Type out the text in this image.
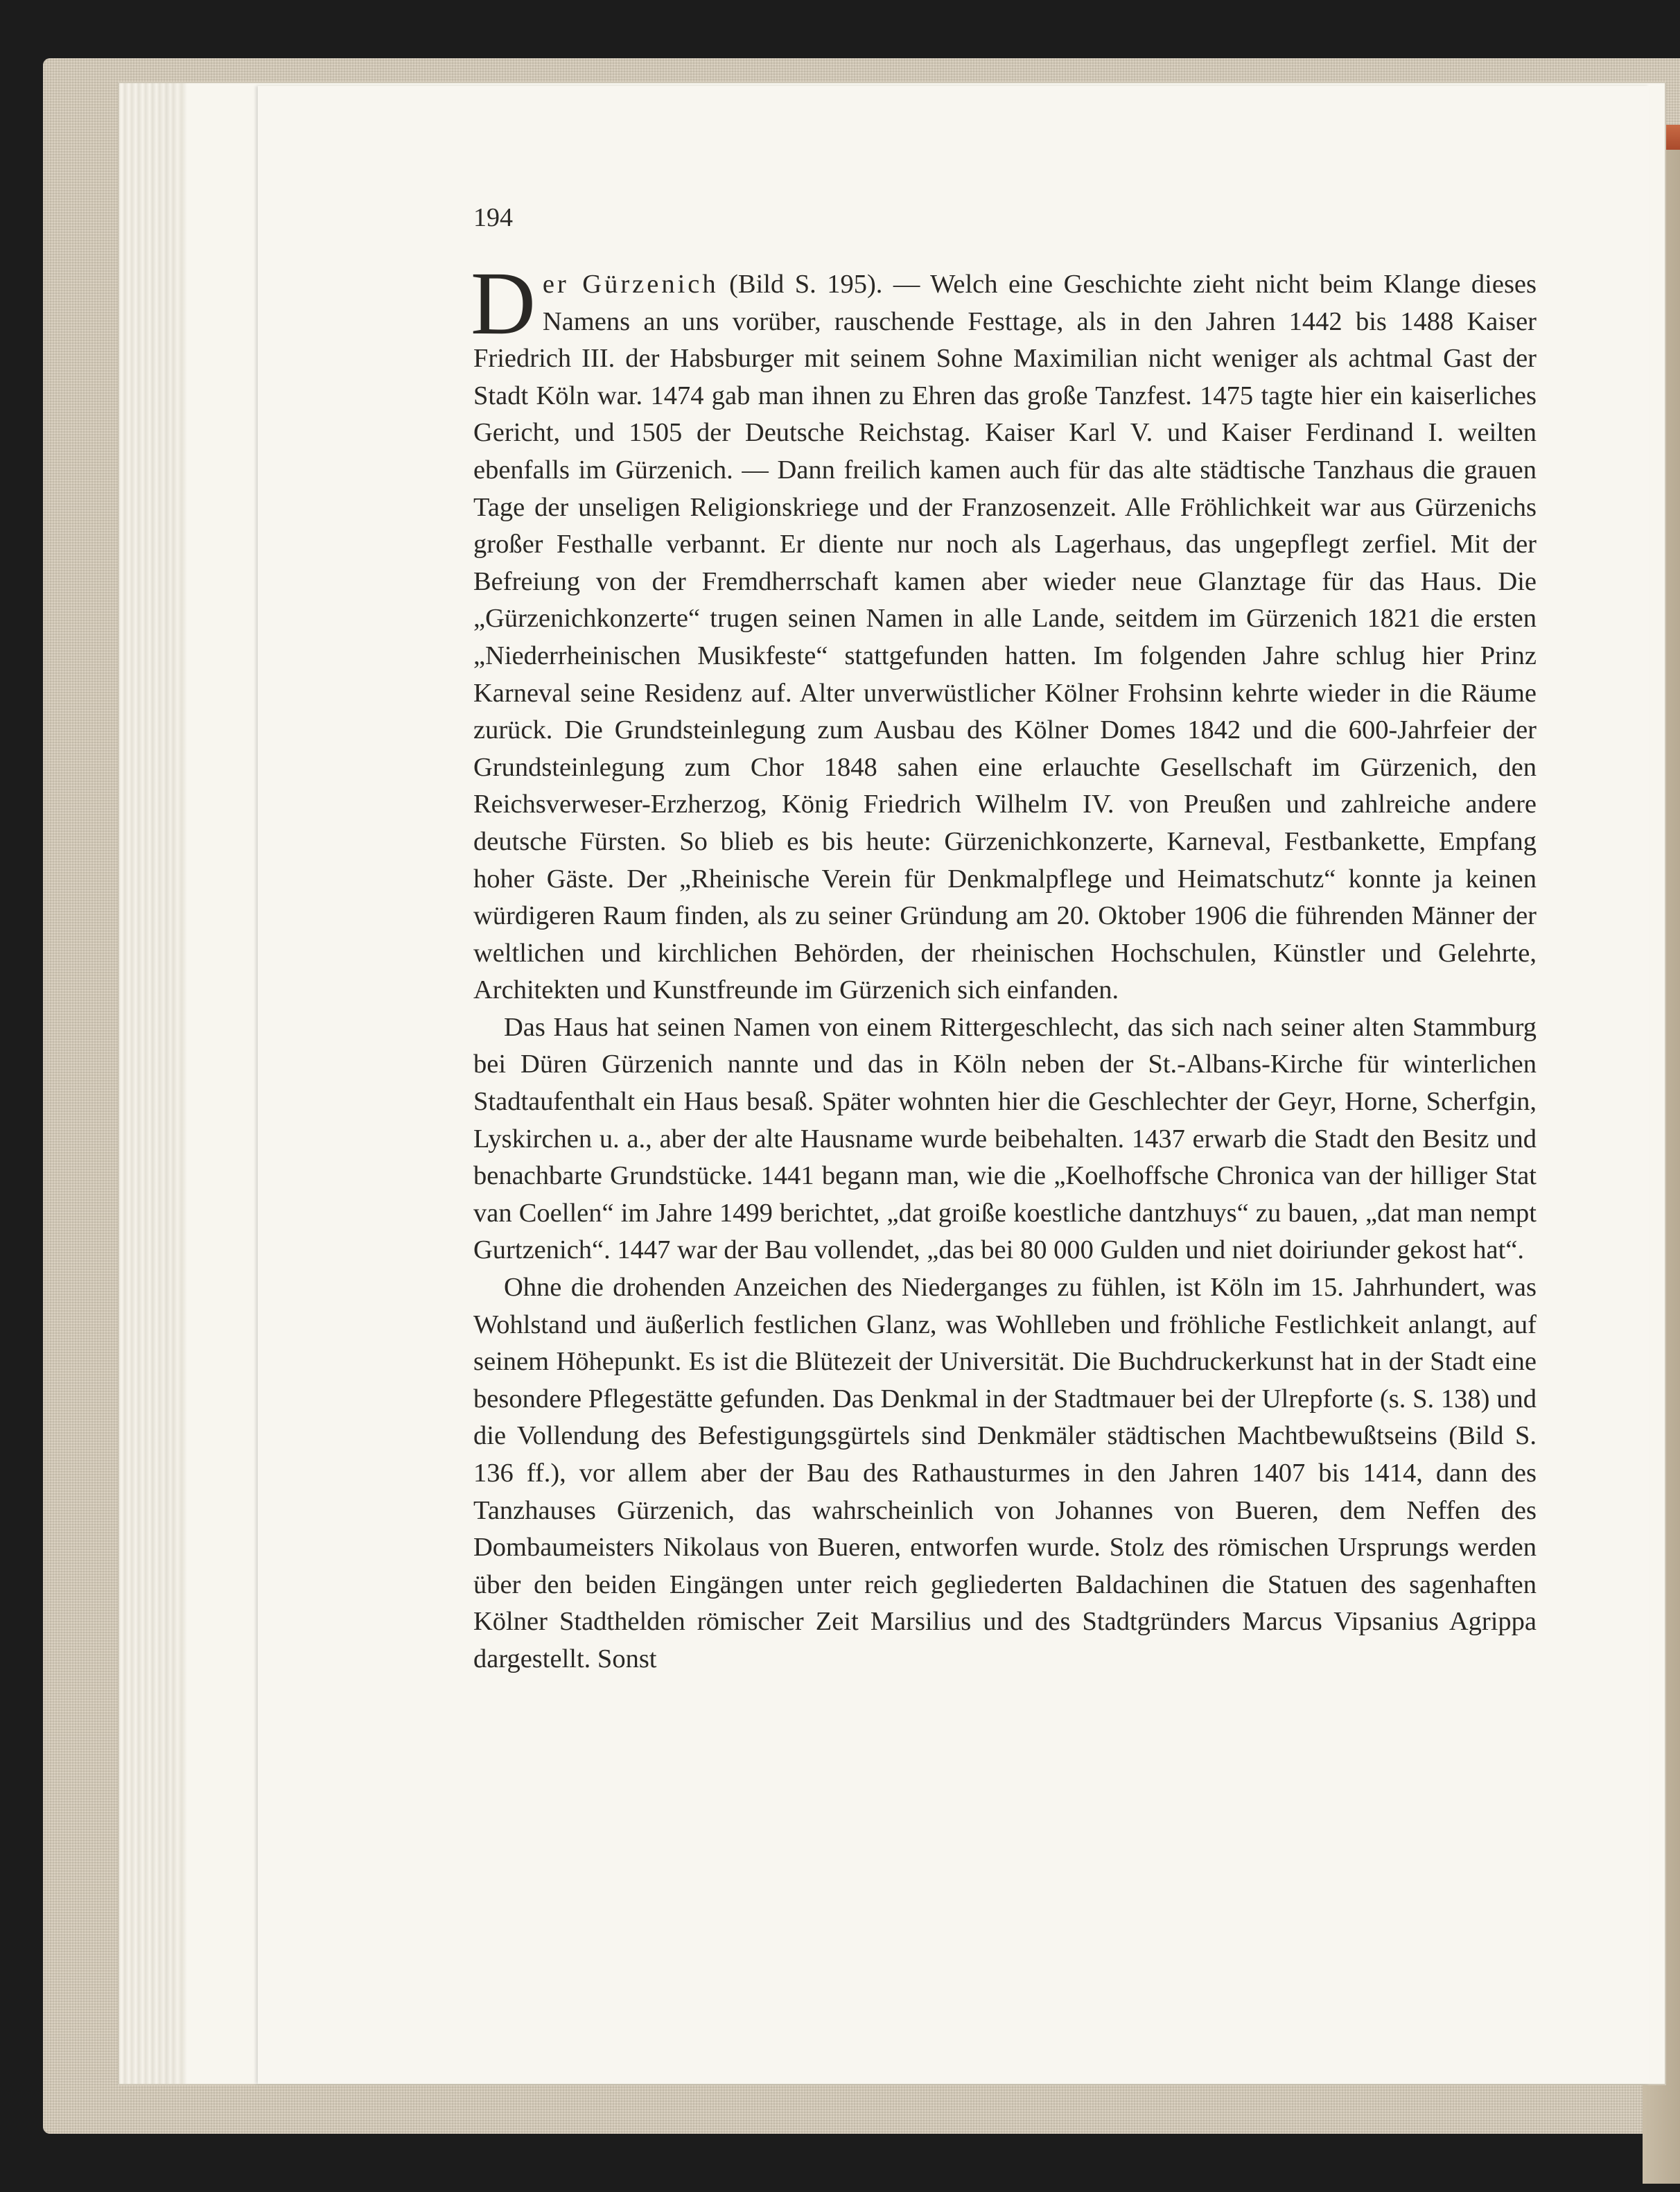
194

Der Gürzenich (Bild S. 195). — Welch eine Geschichte zieht nicht beim Klange dieses Namens an uns vorüber, rauschende Festtage, als in den Jahren 1442 bis 1488 Kaiser Friedrich III. der Habsburger mit seinem Sohne Maximilian nicht weniger als achtmal Gast der Stadt Köln war. 1474 gab man ihnen zu Ehren das große Tanzfest. 1475 tagte hier ein kaiserliches Gericht, und 1505 der Deutsche Reichstag. Kaiser Karl V. und Kaiser Ferdinand I. weilten ebenfalls im Gürzenich. — Dann freilich kamen auch für das alte städtische Tanzhaus die grauen Tage der unseligen Religionskriege und der Franzosenzeit. Alle Fröhlichkeit war aus Gürzenichs großer Festhalle verbannt. Er diente nur noch als Lagerhaus, das ungepflegt zerfiel. Mit der Befreiung von der Fremdherrschaft kamen aber wieder neue Glanztage für das Haus. Die „Gürzenichkonzerte“ trugen seinen Namen in alle Lande, seitdem im Gürzenich 1821 die ersten „Niederrheinischen Musikfeste“ stattgefunden hatten. Im folgenden Jahre schlug hier Prinz Karneval seine Residenz auf. Alter unverwüstlicher Kölner Frohsinn kehrte wieder in die Räume zurück. Die Grundsteinlegung zum Ausbau des Kölner Domes 1842 und die 600-Jahrfeier der Grundsteinlegung zum Chor 1848 sahen eine erlauchte Gesellschaft im Gürzenich, den Reichsverweser-Erzherzog, König Friedrich Wilhelm IV. von Preußen und zahlreiche andere deutsche Fürsten. So blieb es bis heute: Gürzenichkonzerte, Karneval, Festbankette, Empfang hoher Gäste. Der „Rheinische Verein für Denkmalpflege und Heimatschutz“ konnte ja keinen würdigeren Raum finden, als zu seiner Gründung am 20. Oktober 1906 die führenden Männer der weltlichen und kirchlichen Behörden, der rheinischen Hochschulen, Künstler und Gelehrte, Architekten und Kunstfreunde im Gürzenich sich einfanden.

Das Haus hat seinen Namen von einem Rittergeschlecht, das sich nach seiner alten Stammburg bei Düren Gürzenich nannte und das in Köln neben der St.-Albans-Kirche für winterlichen Stadtaufenthalt ein Haus besaß. Später wohnten hier die Geschlechter der Geyr, Horne, Scherfgin, Lyskirchen u. a., aber der alte Hausname wurde beibehalten. 1437 erwarb die Stadt den Besitz und benachbarte Grundstücke. 1441 begann man, wie die „Koelhoffsche Chronica van der hilliger Stat van Coellen“ im Jahre 1499 berichtet, „dat groiße koestliche dantzhuys“ zu bauen, „dat man nempt Gurtzenich“. 1447 war der Bau vollendet, „das bei 80 000 Gulden und niet doiriunder gekost hat“.

Ohne die drohenden Anzeichen des Niederganges zu fühlen, ist Köln im 15. Jahrhundert, was Wohlstand und äußerlich festlichen Glanz, was Wohlleben und fröhliche Festlichkeit anlangt, auf seinem Höhepunkt. Es ist die Blütezeit der Universität. Die Buchdruckerkunst hat in der Stadt eine besondere Pflegestätte gefunden. Das Denkmal in der Stadtmauer bei der Ulrepforte (s. S. 138) und die Vollendung des Befestigungsgürtels sind Denkmäler städtischen Machtbewußtseins (Bild S. 136 ff.), vor allem aber der Bau des Rathausturmes in den Jahren 1407 bis 1414, dann des Tanzhauses Gürzenich, das wahrscheinlich von Johannes von Bueren, dem Neffen des Dombaumeisters Nikolaus von Bueren, entworfen wurde. Stolz des römischen Ursprungs werden über den beiden Eingängen unter reich gegliederten Baldachinen die Statuen des sagenhaften Kölner Stadthelden römischer Zeit Marsilius und des Stadtgründers Marcus Vipsanius Agrippa dargestellt. Sonst
